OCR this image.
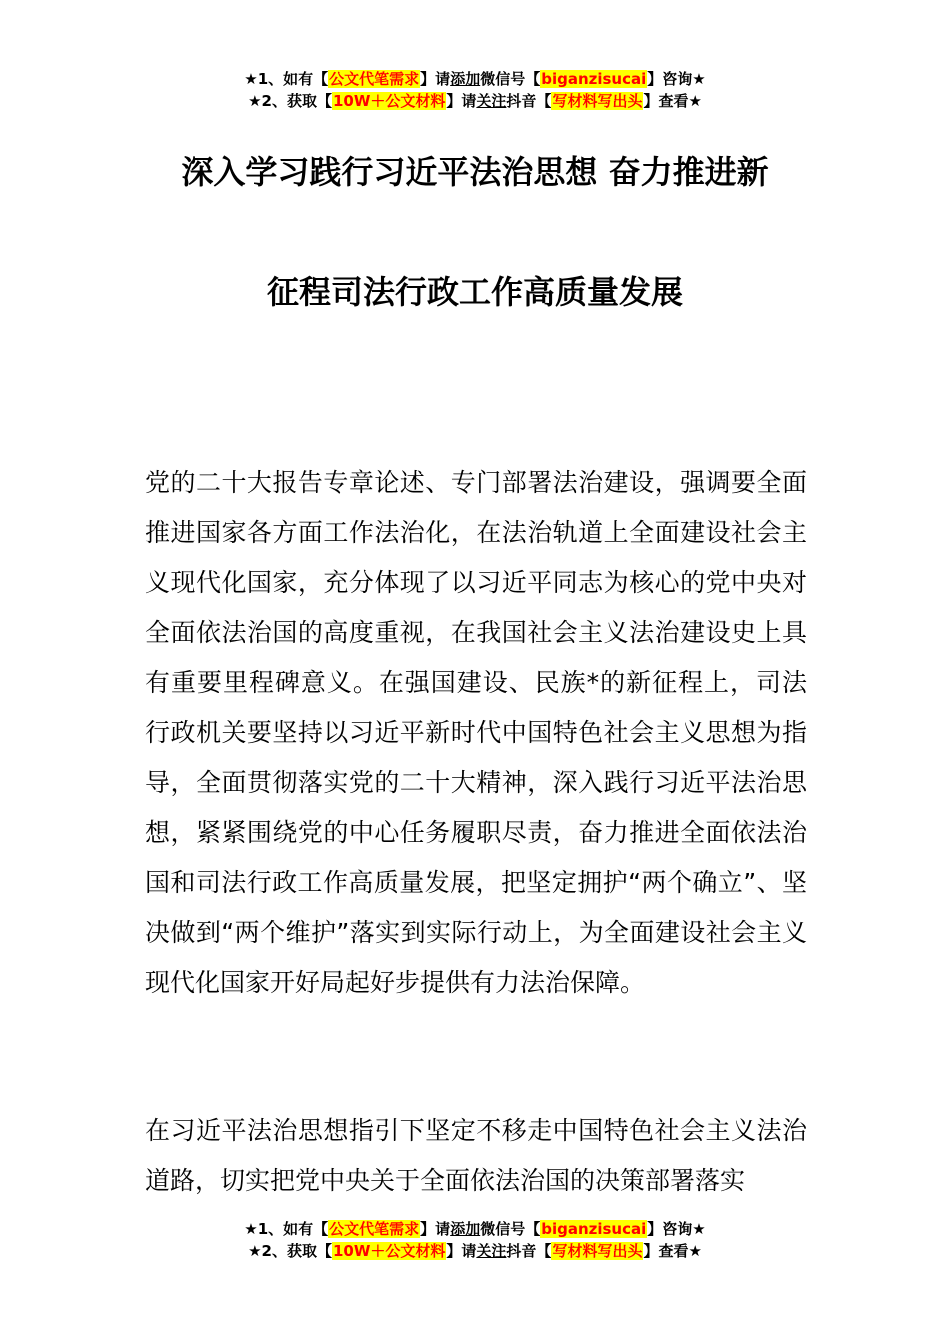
★1、如有【公文代笔需求】请添加微信号【biganzisucai】咨询★
★2、获取【10W＋公文材料】请关注抖音【写材料写出头】查看★
深入学习践行习近平法治思想 奋力推进新
征程司法行政工作高质量发展

党的二十大报告专章论述、专门部署法治建设，强调要全面推进国家各方面工作法治化，在法治轨道上全面建设社会主义现代化国家，充分体现了以习近平同志为核心的党中央对全面依法治国的高度重视，在我国社会主义法治建设史上具有重要里程碑意义。在强国建设、民族*的新征程上，司法行政机关要坚持以习近平新时代中国特色社会主义思想为指导，全面贯彻落实党的二十大精神，深入践行习近平法治思想，紧紧围绕党的中心任务履职尽责，奋力推进全面依法治国和司法行政工作高质量发展，把坚定拥护“两个确立”、坚决做到“两个维护”落实到实际行动上，为全面建设社会主义现代化国家开好局起好步提供有力法治保障。

在习近平法治思想指引下坚定不移走中国特色社会主义法治道路，切实把党中央关于全面依法治国的决策部署落实

★1、如有【公文代笔需求】请添加微信号【biganzisucai】咨询★
★2、获取【10W＋公文材料】请关注抖音【写材料写出头】查看★
